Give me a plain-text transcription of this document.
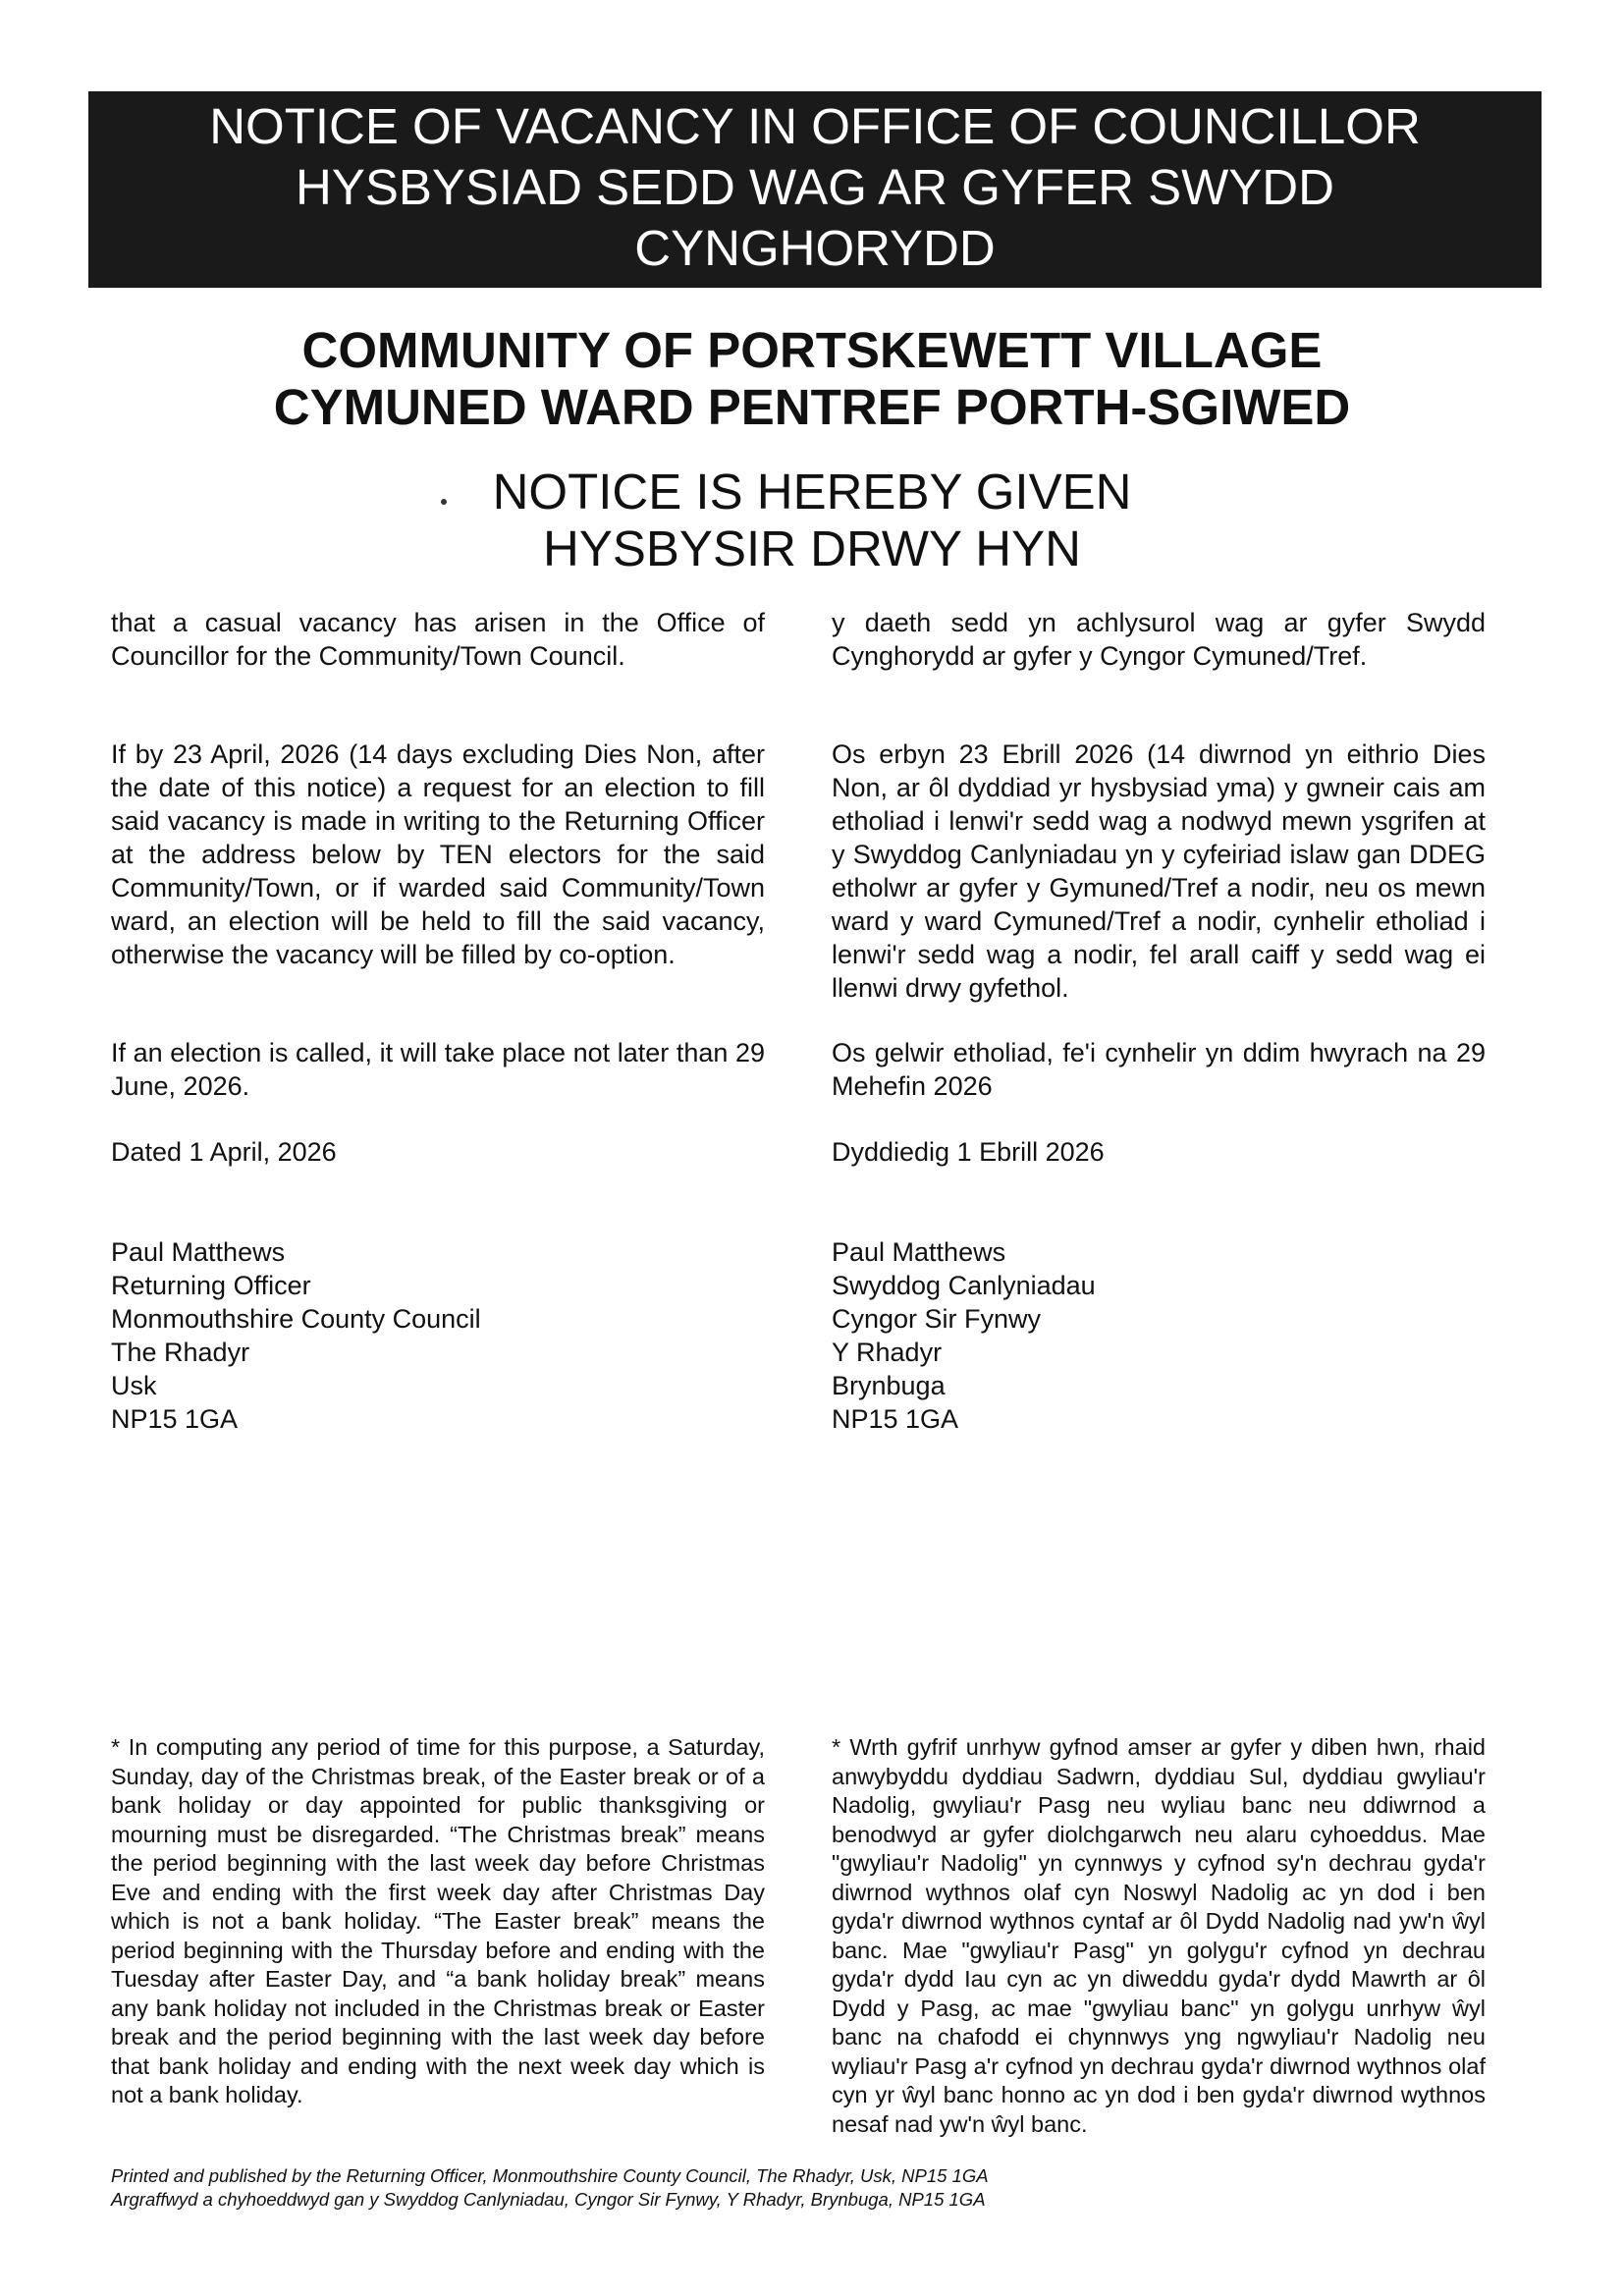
NOTICE OF VACANCY IN OFFICE OF COUNCILLOR
HYSBYSIAD SEDD WAG AR GYFER SWYDD
CYNGHORYDD
COMMUNITY OF PORTSKEWETT VILLAGE
CYMUNED WARD PENTREF PORTH-SGIWED
NOTICE IS HEREBY GIVEN
HYSBYSIR DRWY HYN
that a casual vacancy has arisen in the Office of Councillor for the Community/Town Council.
If by 23 April, 2026 (14 days excluding Dies Non, after the date of this notice) a request for an election to fill said vacancy is made in writing to the Returning Officer at the address below by TEN electors for the said Community/Town, or if warded said Community/Town ward, an election will be held to fill the said vacancy, otherwise the vacancy will be filled by co-option.
If an election is called, it will take place not later than 29 June, 2026.
Dated 1 April, 2026
Paul Matthews
Returning Officer
Monmouthshire County Council
The Rhadyr
Usk
NP15 1GA
y daeth sedd yn achlysurol wag ar gyfer Swydd Cynghorydd ar gyfer y Cyngor Cymuned/Tref.
Os erbyn 23 Ebrill 2026 (14 diwrnod yn eithrio Dies Non, ar ôl dyddiad yr hysbysiad yma) y gwneir cais am etholiad i lenwi'r sedd wag a nodwyd mewn ysgrifen at y Swyddog Canlyniadau yn y cyfeiriad islaw gan DDEG etholwr ar gyfer y Gymuned/Tref a nodir, neu os mewn ward y ward Cymuned/Tref a nodir, cynhelir etholiad i lenwi'r sedd wag a nodir, fel arall caiff y sedd wag ei llenwi drwy gyfethol.
Os gelwir etholiad, fe'i cynhelir yn ddim hwyrach na 29 Mehefin 2026
Dyddiedig 1 Ebrill 2026
Paul Matthews
Swyddog Canlyniadau
Cyngor Sir Fynwy
Y Rhadyr
Brynbuga
NP15 1GA

* In computing any period of time for this purpose, a Saturday, Sunday, day of the Christmas break, of the Easter break or of a bank holiday or day appointed for public thanksgiving or mourning must be disregarded. “The Christmas break” means the period beginning with the last week day before Christmas Eve and ending with the first week day after Christmas Day which is not a bank holiday. “The Easter break” means the period beginning with the Thursday before and ending with the Tuesday after Easter Day, and “a bank holiday break” means any bank holiday not included in the Christmas break or Easter break and the period beginning with the last week day before that bank holiday and ending with the next week day which is not a bank holiday.

* Wrth gyfrif unrhyw gyfnod amser ar gyfer y diben hwn, rhaid anwybyddu dyddiau Sadwrn, dyddiau Sul, dyddiau gwyliau'r Nadolig, gwyliau'r Pasg neu wyliau banc neu ddiwrnod a benodwyd ar gyfer diolchgarwch neu alaru cyhoeddus. Mae "gwyliau'r Nadolig" yn cynnwys y cyfnod sy'n dechrau gyda'r diwrnod wythnos olaf cyn Noswyl Nadolig ac yn dod i ben gyda'r diwrnod wythnos cyntaf ar ôl Dydd Nadolig nad yw'n ŵyl banc. Mae "gwyliau'r Pasg" yn golygu'r cyfnod yn dechrau gyda'r dydd Iau cyn ac yn diweddu gyda'r dydd Mawrth ar ôl Dydd y Pasg, ac mae "gwyliau banc" yn golygu unrhyw ŵyl banc na chafodd ei chynnwys yng ngwyliau'r Nadolig neu wyliau'r Pasg a'r cyfnod yn dechrau gyda'r diwrnod wythnos olaf cyn yr ŵyl banc honno ac yn dod i ben gyda'r diwrnod wythnos nesaf nad yw'n ŵyl banc.

Printed and published by the Returning Officer, Monmouthshire County Council, The Rhadyr, Usk, NP15 1GA
Argraffwyd a chyhoeddwyd gan y Swyddog Canlyniadau, Cyngor Sir Fynwy, Y Rhadyr, Brynbuga, NP15 1GA
